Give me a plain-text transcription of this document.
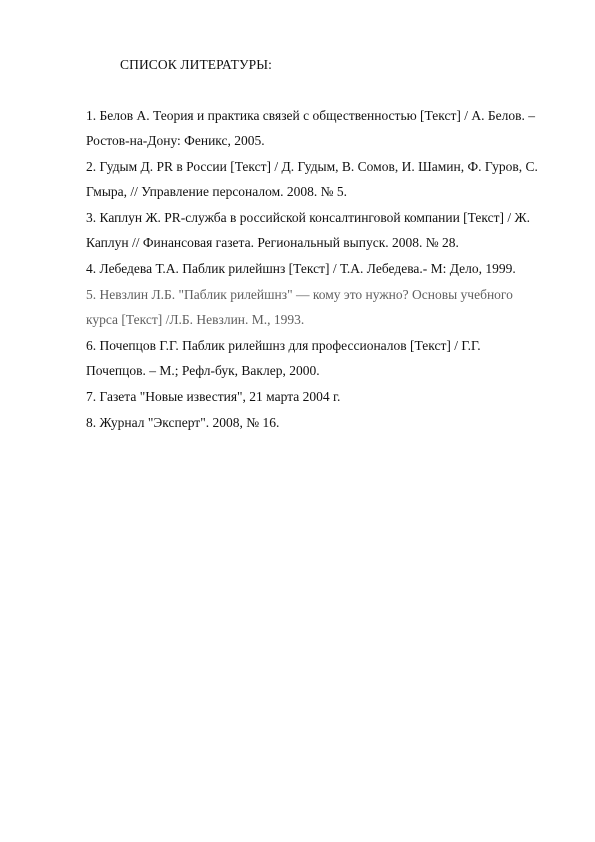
СПИСОК ЛИТЕРАТУРЫ:
1. Белов А. Теория и практика связей с общественностью [Текст] / А. Белов. –
Ростов-на-Дону: Феникс, 2005.
2. Гудым Д. PR в России [Текст] / Д. Гудым, В. Сомов, И. Шамин, Ф. Гуров, С.
Гмыра, // Управление персоналом. 2008. № 5.
3. Каплун Ж. PR-служба в российской консалтинговой компании [Текст] / Ж.
Каплун // Финансовая газета. Региональный выпуск. 2008. № 28.
4. Лебедева Т.А. Паблик рилейшнз [Текст] / Т.А. Лебедева.- М: Дело, 1999.
5. Невзлин Л.Б. "Паблик рилейшнз" — кому это нужно? Основы учебного
курса [Текст] /Л.Б. Невзлин. М., 1993.
6. Почепцов Г.Г. Паблик рилейшнз для профессионалов [Текст] / Г.Г.
Почепцов. – М.; Рефл-бук, Ваклер, 2000.
7. Газета "Новые известия", 21 марта 2004 г.
8. Журнал "Эксперт". 2008, № 16.
